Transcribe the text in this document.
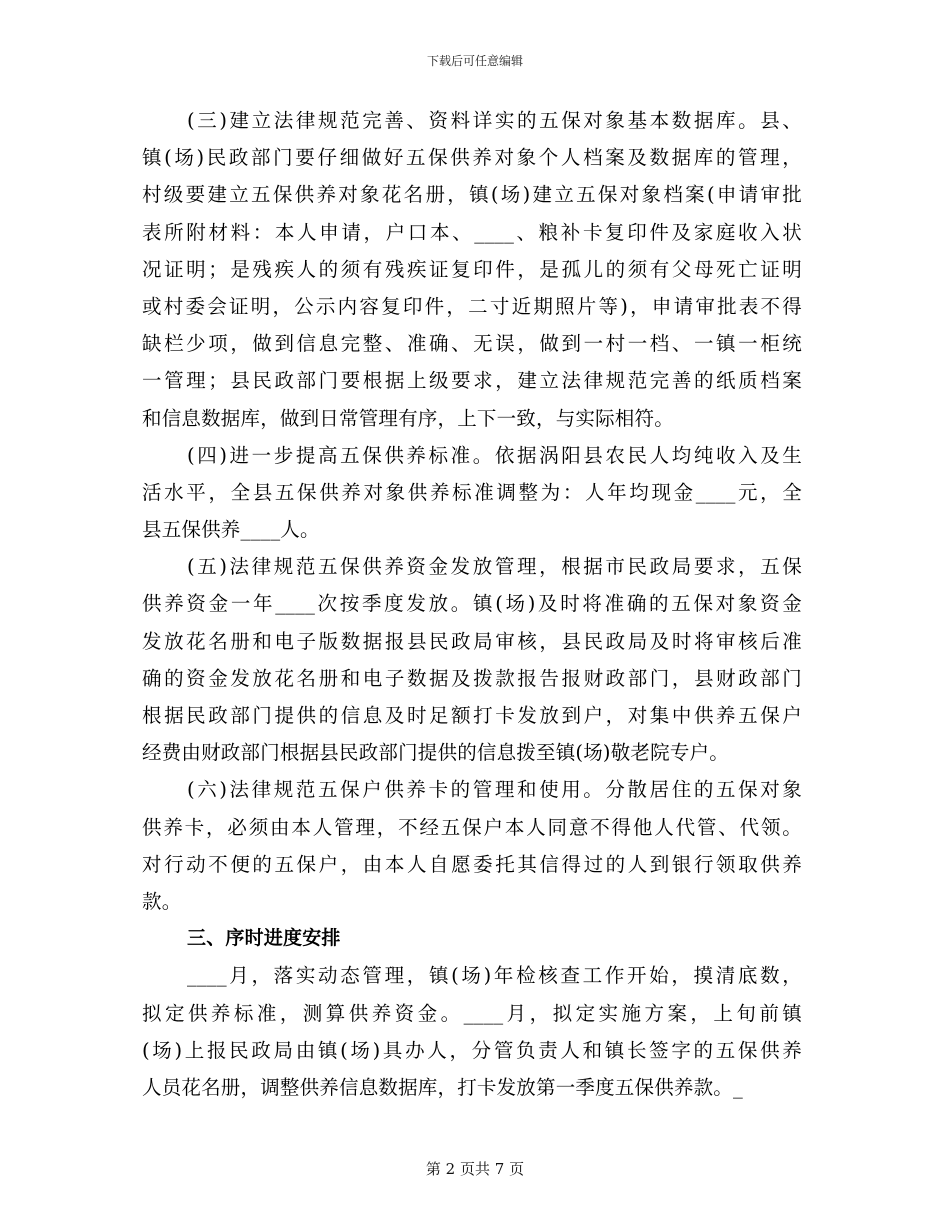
下载后可任意编辑
(三)建立法律规范完善、资料详实的五保对象基本数据库。县、
镇(场)民政部门要仔细做好五保供养对象个人档案及数据库的管理，
村级要建立五保供养对象花名册，镇(场)建立五保对象档案(申请审批
表所附材料：本人申请，户口本、____、粮补卡复印件及家庭收入状
况证明；是残疾人的须有残疾证复印件，是孤儿的须有父母死亡证明
或村委会证明，公示内容复印件，二寸近期照片等)，申请审批表不得
缺栏少项，做到信息完整、准确、无误，做到一村一档、一镇一柜统
一管理；县民政部门要根据上级要求，建立法律规范完善的纸质档案
和信息数据库，做到日常管理有序，上下一致，与实际相符。
(四)进一步提高五保供养标准。依据涡阳县农民人均纯收入及生
活水平，全县五保供养对象供养标准调整为：人年均现金____元，全
县五保供养____人。
(五)法律规范五保供养资金发放管理，根据市民政局要求，五保
供养资金一年____次按季度发放。镇(场)及时将准确的五保对象资金
发放花名册和电子版数据报县民政局审核，县民政局及时将审核后准
确的资金发放花名册和电子数据及拨款报告报财政部门，县财政部门
根据民政部门提供的信息及时足额打卡发放到户，对集中供养五保户
经费由财政部门根据县民政部门提供的信息拨至镇(场)敬老院专户。
(六)法律规范五保户供养卡的管理和使用。分散居住的五保对象
供养卡，必须由本人管理，不经五保户本人同意不得他人代管、代领。
对行动不便的五保户，由本人自愿委托其信得过的人到银行领取供养
款。
三、序时进度安排
____月，落实动态管理，镇(场)年检核查工作开始，摸清底数，
拟定供养标准，测算供养资金。____月，拟定实施方案，上旬前镇
(场)上报民政局由镇(场)具办人，分管负责人和镇长签字的五保供养
人员花名册，调整供养信息数据库，打卡发放第一季度五保供养款。_
第 2 页共 7 页
